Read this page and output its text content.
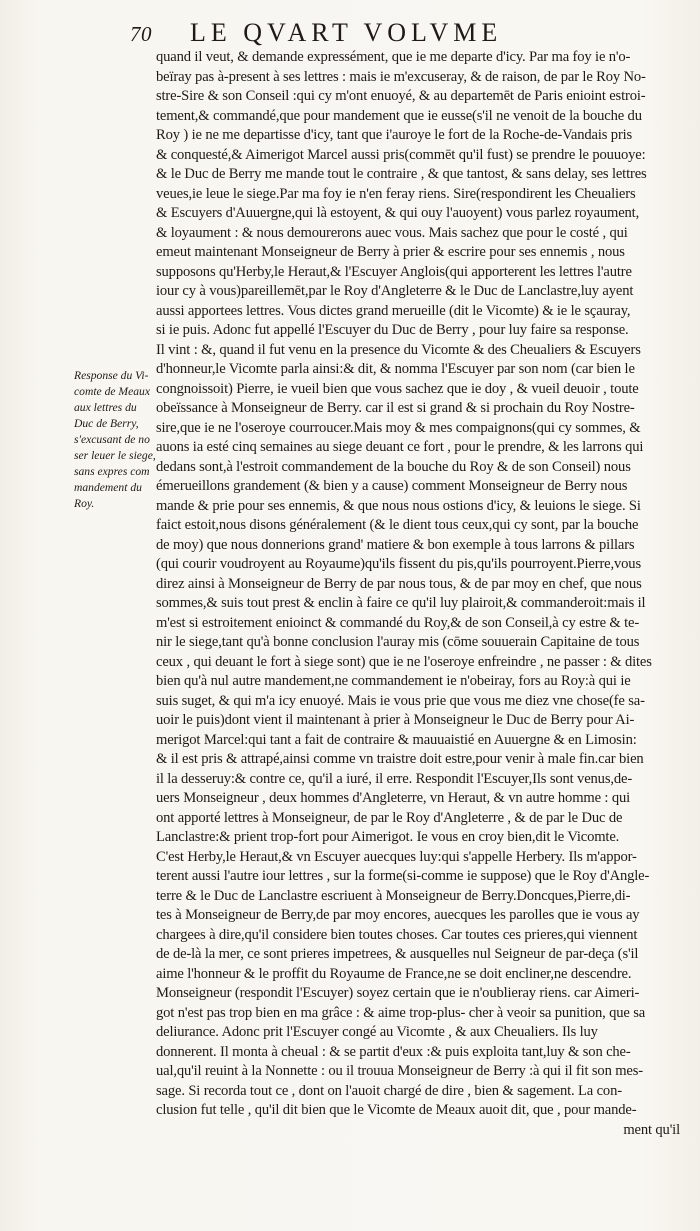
70 LE QVART VOLVME
Response du Vi-
comte de Meaux
aux lettres du
Duc de Berry,
s'excusant de no
ser leuer le siege,
sans expres com
mandement du
Roy.
quand il veut, & demande expressément, que ie me departe d'icy. Par ma foy ie n'o-
beïray pas à-present à ses lettres : mais ie m'excuseray, & de raison, de par le Roy No-
stre-Sire & son Conseil :qui cy m'ont enuoyé, & au departemēt de Paris enioint estroi-
tement,& commandé,que pour mandement que ie eusse(s'il ne venoit de la bouche du
Roy ) ie ne me departisse d'icy, tant que i'auroye le fort de la Roche-de-Vandais pris
& conquesté,& Aimerigot Marcel aussi pris(commēt qu'il fust) se prendre le pouuoye:
& le Duc de Berry me mande tout le contraire , & que tantost, & sans delay, ses lettres
veues,ie leue le siege.Par ma foy ie n'en feray riens. Sire(respondirent les Cheualiers
& Escuyers d'Auuergne,qui là estoyent, & qui ouy l'auoyent) vous parlez royaument,
& loyaument : & nous demourerons auec vous. Mais sachez que pour le costé , qui
emeut maintenant Monseigneur de Berry à prier & escrire pour ses ennemis , nous
supposons qu'Herby,le Heraut,& l'Escuyer Anglois(qui apporterent les lettres l'autre
iour cy à vous)pareillemēt,par le Roy d'Angleterre & le Duc de Lanclastre,luy ayent
aussi apportees lettres. Vous dictes grand merueille (dit le Vicomte) & ie le sçauray,
si ie puis. Adonc fut appellé l'Escuyer du Duc de Berry , pour luy faire sa response.
Il vint : &, quand il fut venu en la presence du Vicomte & des Cheualiers & Escuyers
d'honneur,le Vicomte parla ainsi:& dit, & nomma l'Escuyer par son nom (car bien le
congnoissoit) Pierre, ie vueil bien que vous sachez que ie doy , & vueil deuoir , toute
obeïssance à Monseigneur de Berry. car il est si grand & si prochain du Roy Nostre-
sire,que ie ne l'oseroye courroucer.Mais moy & mes compaignons(qui cy sommes, &
auons ia esté cinq semaines au siege deuant ce fort , pour le prendre, & les larrons qui
dedans sont,à l'estroit commandement de la bouche du Roy & de son Conseil) nous
émerueillons grandement (& bien y a cause) comment Monseigneur de Berry nous
mande & prie pour ses ennemis, & que nous nous ostions d'icy, & leuions le siege. Si
faict estoit,nous disons généralement (& le dient tous ceux,qui cy sont, par la bouche
de moy) que nous donnerions grand' matiere & bon exemple à tous larrons & pillars
(qui courir voudroyent au Royaume)qu'ils fissent du pis,qu'ils pourroyent.Pierre,vous
direz ainsi à Monseigneur de Berry de par nous tous, & de par moy en chef, que nous
sommes,& suis tout prest & enclin à faire ce qu'il luy plairoit,& commanderoit:mais il
m'est si estroitement enioinct & commandé du Roy,& de son Conseil,à cy estre & te-
nir le siege,tant qu'à bonne conclusion l'auray mis (cōme souuerain Capitaine de tous
ceux , qui deuant le fort à siege sont) que ie ne l'oseroye enfreindre , ne passer : & dites
bien qu'à nul autre mandement,ne commandement ie n'obeiray, fors au Roy:à qui ie
suis suget, & qui m'a icy enuoyé. Mais ie vous prie que vous me diez vne chose(fe sa-
uoir le puis)dont vient il maintenant à prier à Monseigneur le Duc de Berry pour Ai-
merigot Marcel:qui tant a fait de contraire & mauuaistié en Auuergne & en Limosin:
& il est pris & attrapé,ainsi comme vn traistre doit estre,pour venir à male fin.car bien
il la desseruy:& contre ce, qu'il a iuré, il erre. Respondit l'Escuyer,Ils sont venus,de-
uers Monseigneur , deux hommes d'Angleterre, vn Heraut, & vn autre homme : qui
ont apporté lettres à Monseigneur, de par le Roy d'Angleterre , & de par le Duc de
Lanclastre:& prient trop-fort pour Aimerigot. Ie vous en croy bien,dit le Vicomte.
C'est Herby,le Heraut,& vn Escuyer auecques luy:qui s'appelle Herbery. Ils m'appor-
terent aussi l'autre iour lettres , sur la forme(si-comme ie suppose) que le Roy d'Angle-
terre & le Duc de Lanclastre escriuent à Monseigneur de Berry.Doncques,Pierre,di-
tes à Monseigneur de Berry,de par moy encores, auecques les parolles que ie vous ay
chargees à dire,qu'il considere bien toutes choses. Car toutes ces prieres,qui viennent
de de-là la mer, ce sont prieres impetrees, & ausquelles nul Seigneur de par-deça (s'il
aime l'honneur & le proffit du Royaume de France,ne se doit encliner,ne descendre.
Monseigneur (respondit l'Escuyer) soyez certain que ie n'oublieray riens. car Aimeri-
got n'est pas trop bien en ma grâce : & aime trop-plus- cher à veoir sa punition, que sa
deliurance. Adonc prit l'Escuyer congé au Vicomte , & aux Cheualiers. Ils luy
donnerent. Il monta à cheual : & se partit d'eux :& puis exploita tant,luy & son che-
ual,qu'il reuint à la Nonnette : ou il trouua Monseigneur de Berry :à qui il fit son mes-
sage. Si recorda tout ce , dont on l'auoit chargé de dire , bien & sagement. La con-
clusion fut telle , qu'il dit bien que le Vicomte de Meaux auoit dit, que , pour mande-
ment qu'il
